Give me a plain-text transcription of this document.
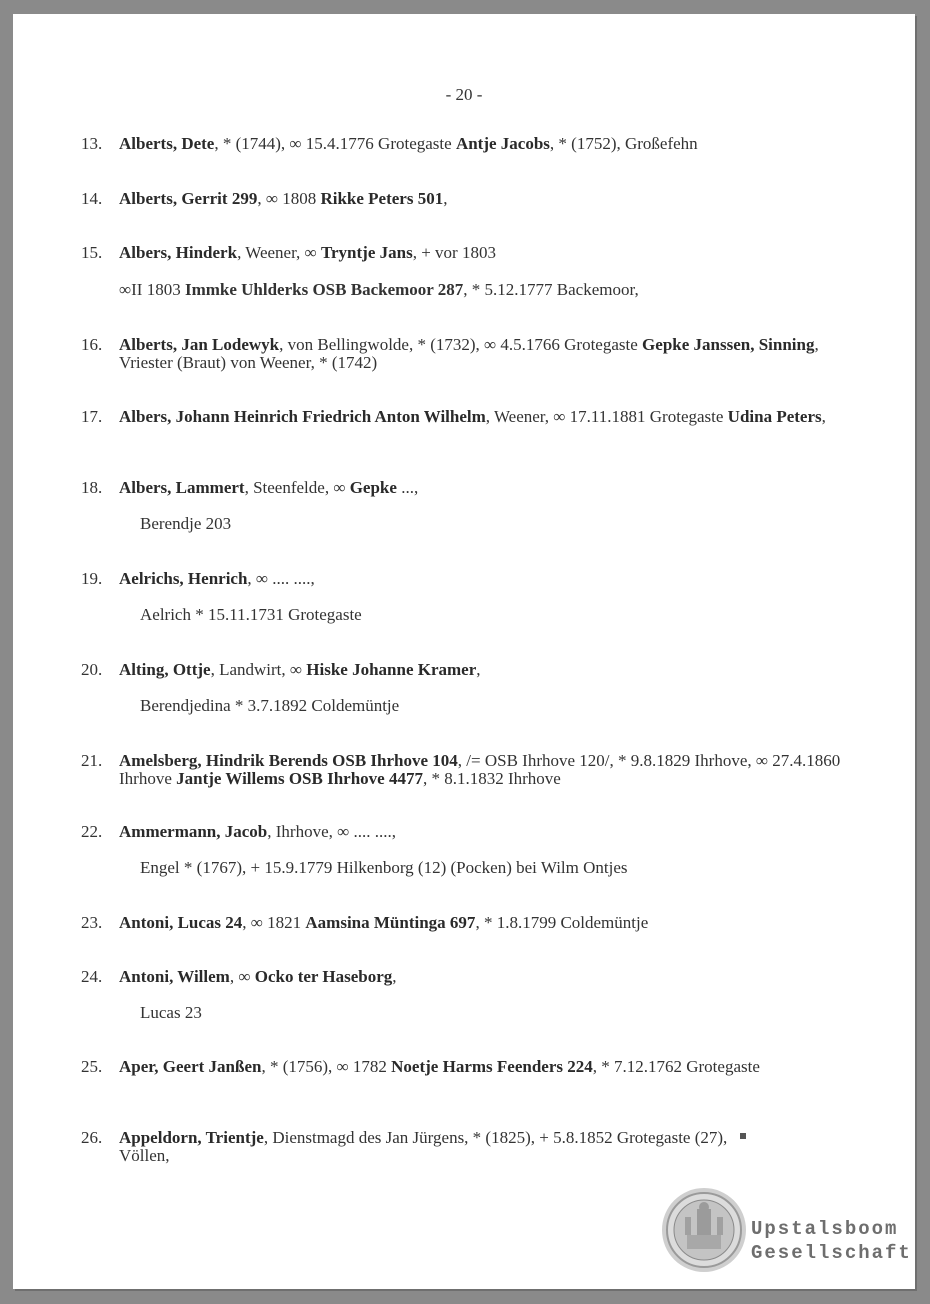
- 20 -
13. Alberts, Dete, * (1744), ∞ 15.4.1776 Grotegaste Antje Jacobs, * (1752), Großefehn
14. Alberts, Gerrit 299, ∞ 1808 Rikke Peters 501,
15. Albers, Hinderk, Weener, ∞ Tryntje Jans, + vor 1803
∞II 1803 Immke Uhlderks OSB Backemoor 287, * 5.12.1777 Backemoor,
16. Alberts, Jan Lodewyk, von Bellingwolde, * (1732), ∞ 4.5.1766 Grotegaste Gepke Janssen, Sinning, Vriester (Braut) von Weener, * (1742)
17. Albers, Johann Heinrich Friedrich Anton Wilhelm, Weener, ∞ 17.11.1881 Grotegaste Udina Peters,
18. Albers, Lammert, Steenfelde, ∞ Gepke ...,
Berendje 203
19. Aelrichs, Henrich, ∞ .... ....,
Aelrich * 15.11.1731 Grotegaste
20. Alting, Ottje, Landwirt, ∞ Hiske Johanne Kramer,
Berendjedina * 3.7.1892 Coldemüntje
21. Amelsberg, Hindrik Berends OSB Ihrhove 104, /= OSB Ihrhove 120/, * 9.8.1829 Ihrhove, ∞ 27.4.1860 Ihrhove Jantje Willems OSB Ihrhove 4477, * 8.1.1832 Ihrhove
22. Ammermann, Jacob, Ihrhove, ∞ .... ....,
Engel * (1767), + 15.9.1779 Hilkenborg (12) (Pocken) bei Wilm Ontjes
23. Antoni, Lucas 24, ∞ 1821 Aamsina Müntinga 697, * 1.8.1799 Coldemüntje
24. Antoni, Willem, ∞ Ocko ter Haseborg,
Lucas 23
25. Aper, Geert Janßen, * (1756), ∞ 1782 Noetje Harms Feenders 224, * 7.12.1762 Grotegaste
26. Appeldorn, Trientje, Dienstmagd des Jan Jürgens, * (1825), + 5.8.1852 Grotegaste (27),
Völlen,
Upstalsboom
Gesellschaft
